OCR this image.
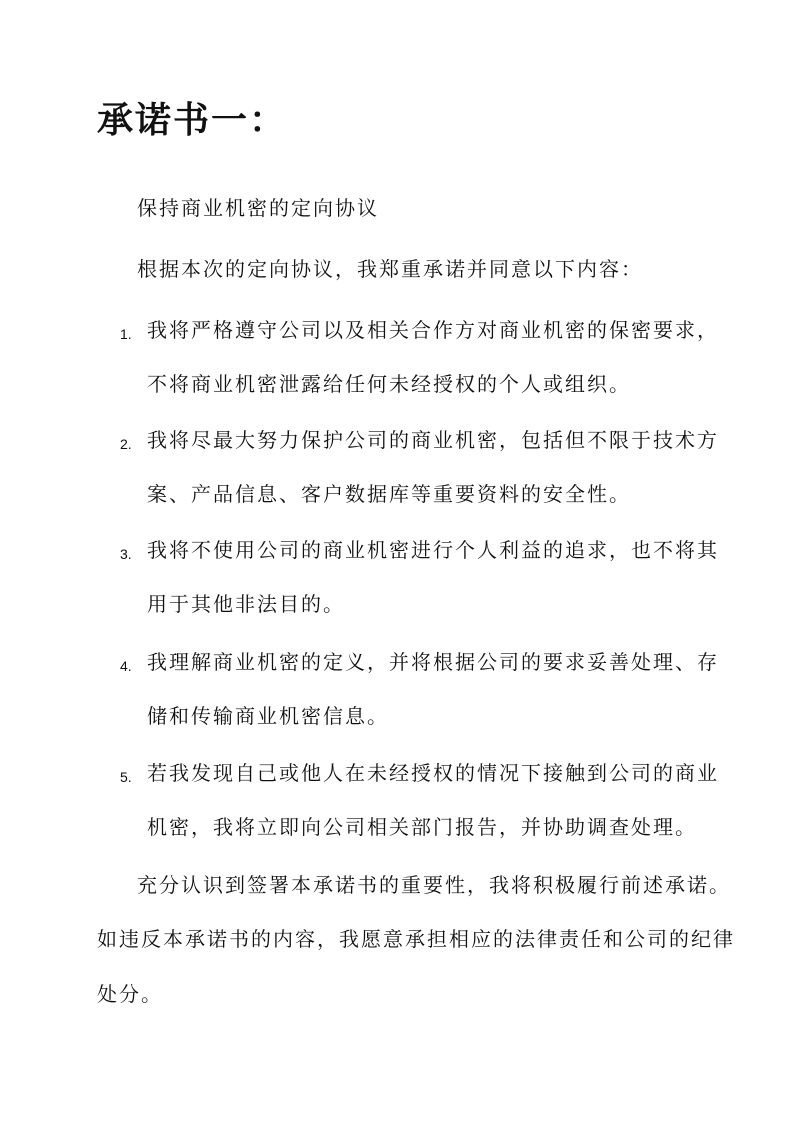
承诺书一：
保持商业机密的定向协议
根据本次的定向协议，我郑重承诺并同意以下内容：
1. 我将严格遵守公司以及相关合作方对商业机密的保密要求，
不将商业机密泄露给任何未经授权的个人或组织。
2. 我将尽最大努力保护公司的商业机密，包括但不限于技术方
案、产品信息、客户数据库等重要资料的安全性。
3. 我将不使用公司的商业机密进行个人利益的追求，也不将其
用于其他非法目的。
4. 我理解商业机密的定义，并将根据公司的要求妥善处理、存
储和传输商业机密信息。
5. 若我发现自己或他人在未经授权的情况下接触到公司的商业
机密，我将立即向公司相关部门报告，并协助调查处理。
充分认识到签署本承诺书的重要性，我将积极履行前述承诺。
如违反本承诺书的内容，我愿意承担相应的法律责任和公司的纪律
处分。
